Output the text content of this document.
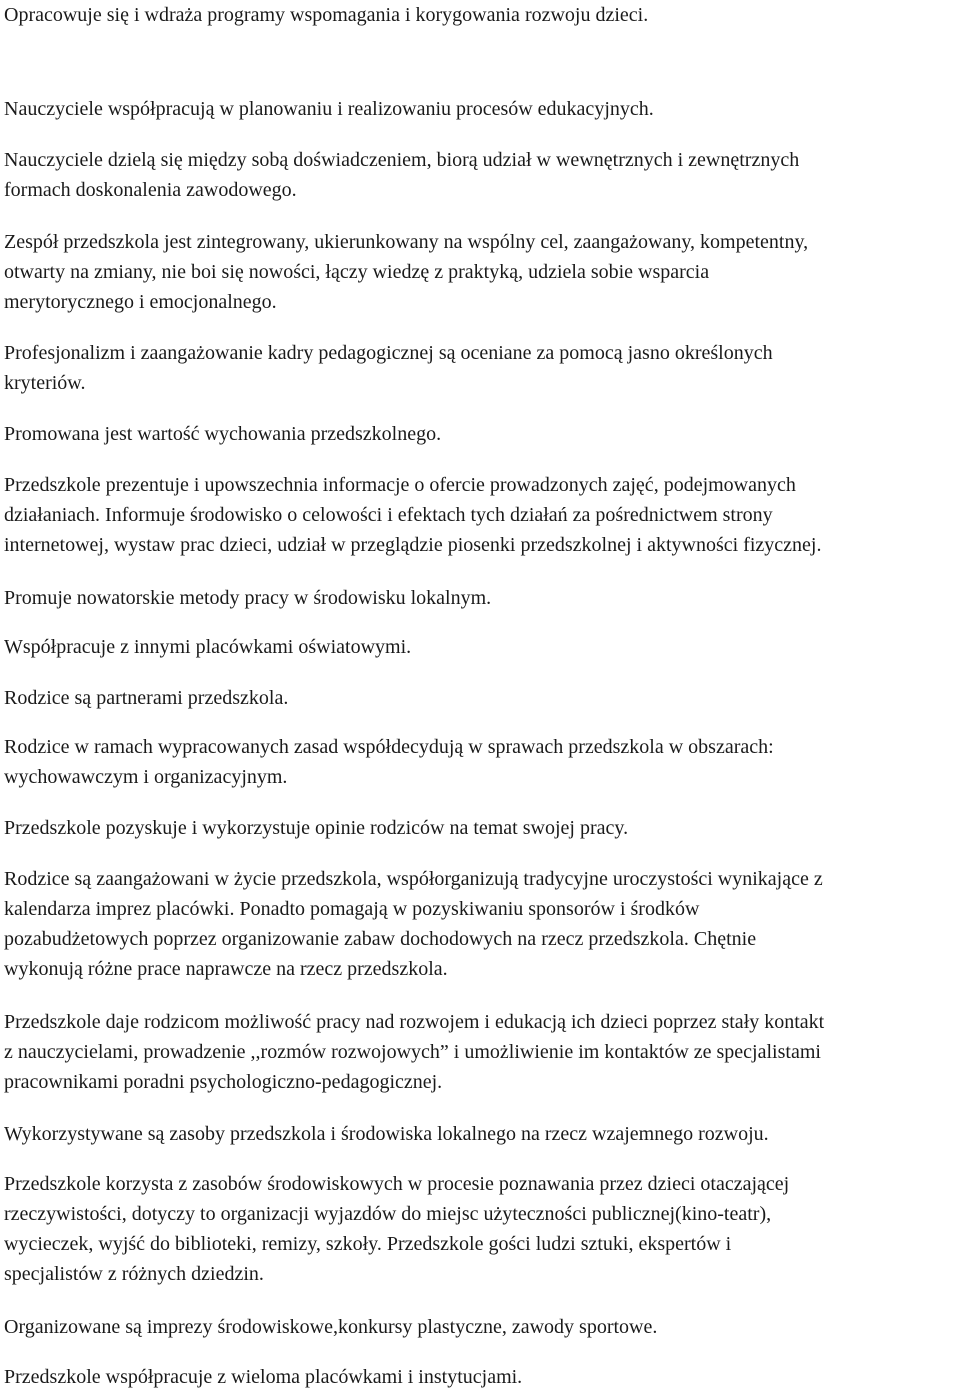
Opracowuje się i wdraża programy wspomagania i korygowania rozwoju dzieci.

Nauczyciele współpracują w planowaniu i realizowaniu procesów edukacyjnych.

Nauczyciele dzielą się między sobą doświadczeniem, biorą udział w wewnętrznych i zewnętrznych
formach doskonalenia zawodowego.

Zespół przedszkola jest zintegrowany, ukierunkowany na wspólny cel, zaangażowany, kompetentny,
otwarty na zmiany, nie boi się nowości, łączy wiedzę z praktyką, udziela sobie wsparcia
merytorycznego i emocjonalnego.

Profesjonalizm i zaangażowanie kadry pedagogicznej są oceniane za pomocą jasno określonych
kryteriów.

Promowana jest wartość wychowania przedszkolnego.

Przedszkole prezentuje i upowszechnia informacje o ofercie prowadzonych zajęć, podejmowanych
działaniach. Informuje środowisko o celowości i efektach tych działań za pośrednictwem strony
internetowej, wystaw prac dzieci, udział w przeglądzie piosenki przedszkolnej i aktywności fizycznej.

Promuje nowatorskie metody pracy w środowisku lokalnym.

Współpracuje z innymi placówkami oświatowymi.

Rodzice są partnerami przedszkola.

Rodzice w ramach wypracowanych zasad współdecydują w sprawach przedszkola w obszarach:
wychowawczym i organizacyjnym.

Przedszkole pozyskuje i wykorzystuje opinie rodziców na temat swojej pracy.

Rodzice są zaangażowani w życie przedszkola, współorganizują tradycyjne uroczystości wynikające z
kalendarza imprez placówki. Ponadto pomagają w pozyskiwaniu sponsorów i środków
pozabudżetowych poprzez organizowanie zabaw dochodowych na rzecz przedszkola. Chętnie
wykonują różne prace naprawcze na rzecz przedszkola.

Przedszkole daje rodzicom możliwość pracy nad rozwojem i edukacją ich dzieci poprzez stały kontakt
z nauczycielami, prowadzenie ,,rozmów rozwojowych” i umożliwienie im kontaktów ze specjalistami
pracownikami poradni psychologiczno-pedagogicznej.

Wykorzystywane są zasoby przedszkola i środowiska lokalnego na rzecz wzajemnego rozwoju.

Przedszkole korzysta z zasobów środowiskowych w procesie poznawania przez dzieci otaczającej
rzeczywistości, dotyczy to organizacji wyjazdów do miejsc użyteczności publicznej(kino-teatr),
wycieczek, wyjść do biblioteki, remizy, szkoły. Przedszkole gości ludzi sztuki, ekspertów i
specjalistów z różnych dziedzin.

Organizowane są imprezy środowiskowe,konkursy plastyczne, zawody sportowe.

Przedszkole współpracuje z wieloma placówkami i instytucjami.
